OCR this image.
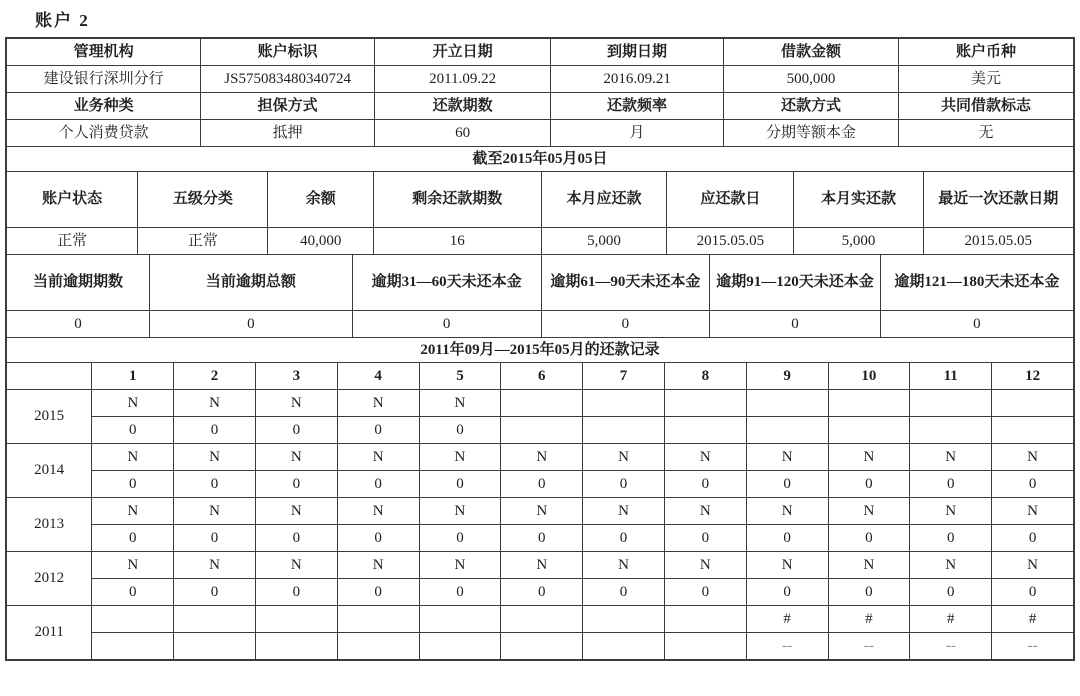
账户 2
管理机构	账户标识	开立日期	到期日期	借款金额	账户币种
建设银行深圳分行	JS575083480340724	2011.09.22	2016.09.21	500,000	美元
业务种类	担保方式	还款期数	还款频率	还款方式	共同借款标志
个人消费贷款	抵押	60	月	分期等额本金	无
截至2015年05月05日
账户状态	五级分类	余额	剩余还款期数	本月应还款	应还款日	本月实还款	最近一次还款日期
正常	正常	40,000	16	5,000	2015.05.05	5,000	2015.05.05
当前逾期期数	当前逾期总额	逾期31—60天未还本金	逾期61—90天未还本金	逾期91—120天未还本金	逾期121—180天未还本金
0	0	0	0	0	0
2011年09月—2015年05月的还款记录
	1	2	3	4	5	6	7	8	9	10	11	12
2015	N	N	N	N	N							
	0	0	0	0	0							
2014	N	N	N	N	N	N	N	N	N	N	N	N
	0	0	0	0	0	0	0	0	0	0	0	0
2013	N	N	N	N	N	N	N	N	N	N	N	N
	0	0	0	0	0	0	0	0	0	0	0	0
2012	N	N	N	N	N	N	N	N	N	N	N	N
	0	0	0	0	0	0	0	0	0	0	0	0
2011									#	#	#	#
									--	--	--	--
